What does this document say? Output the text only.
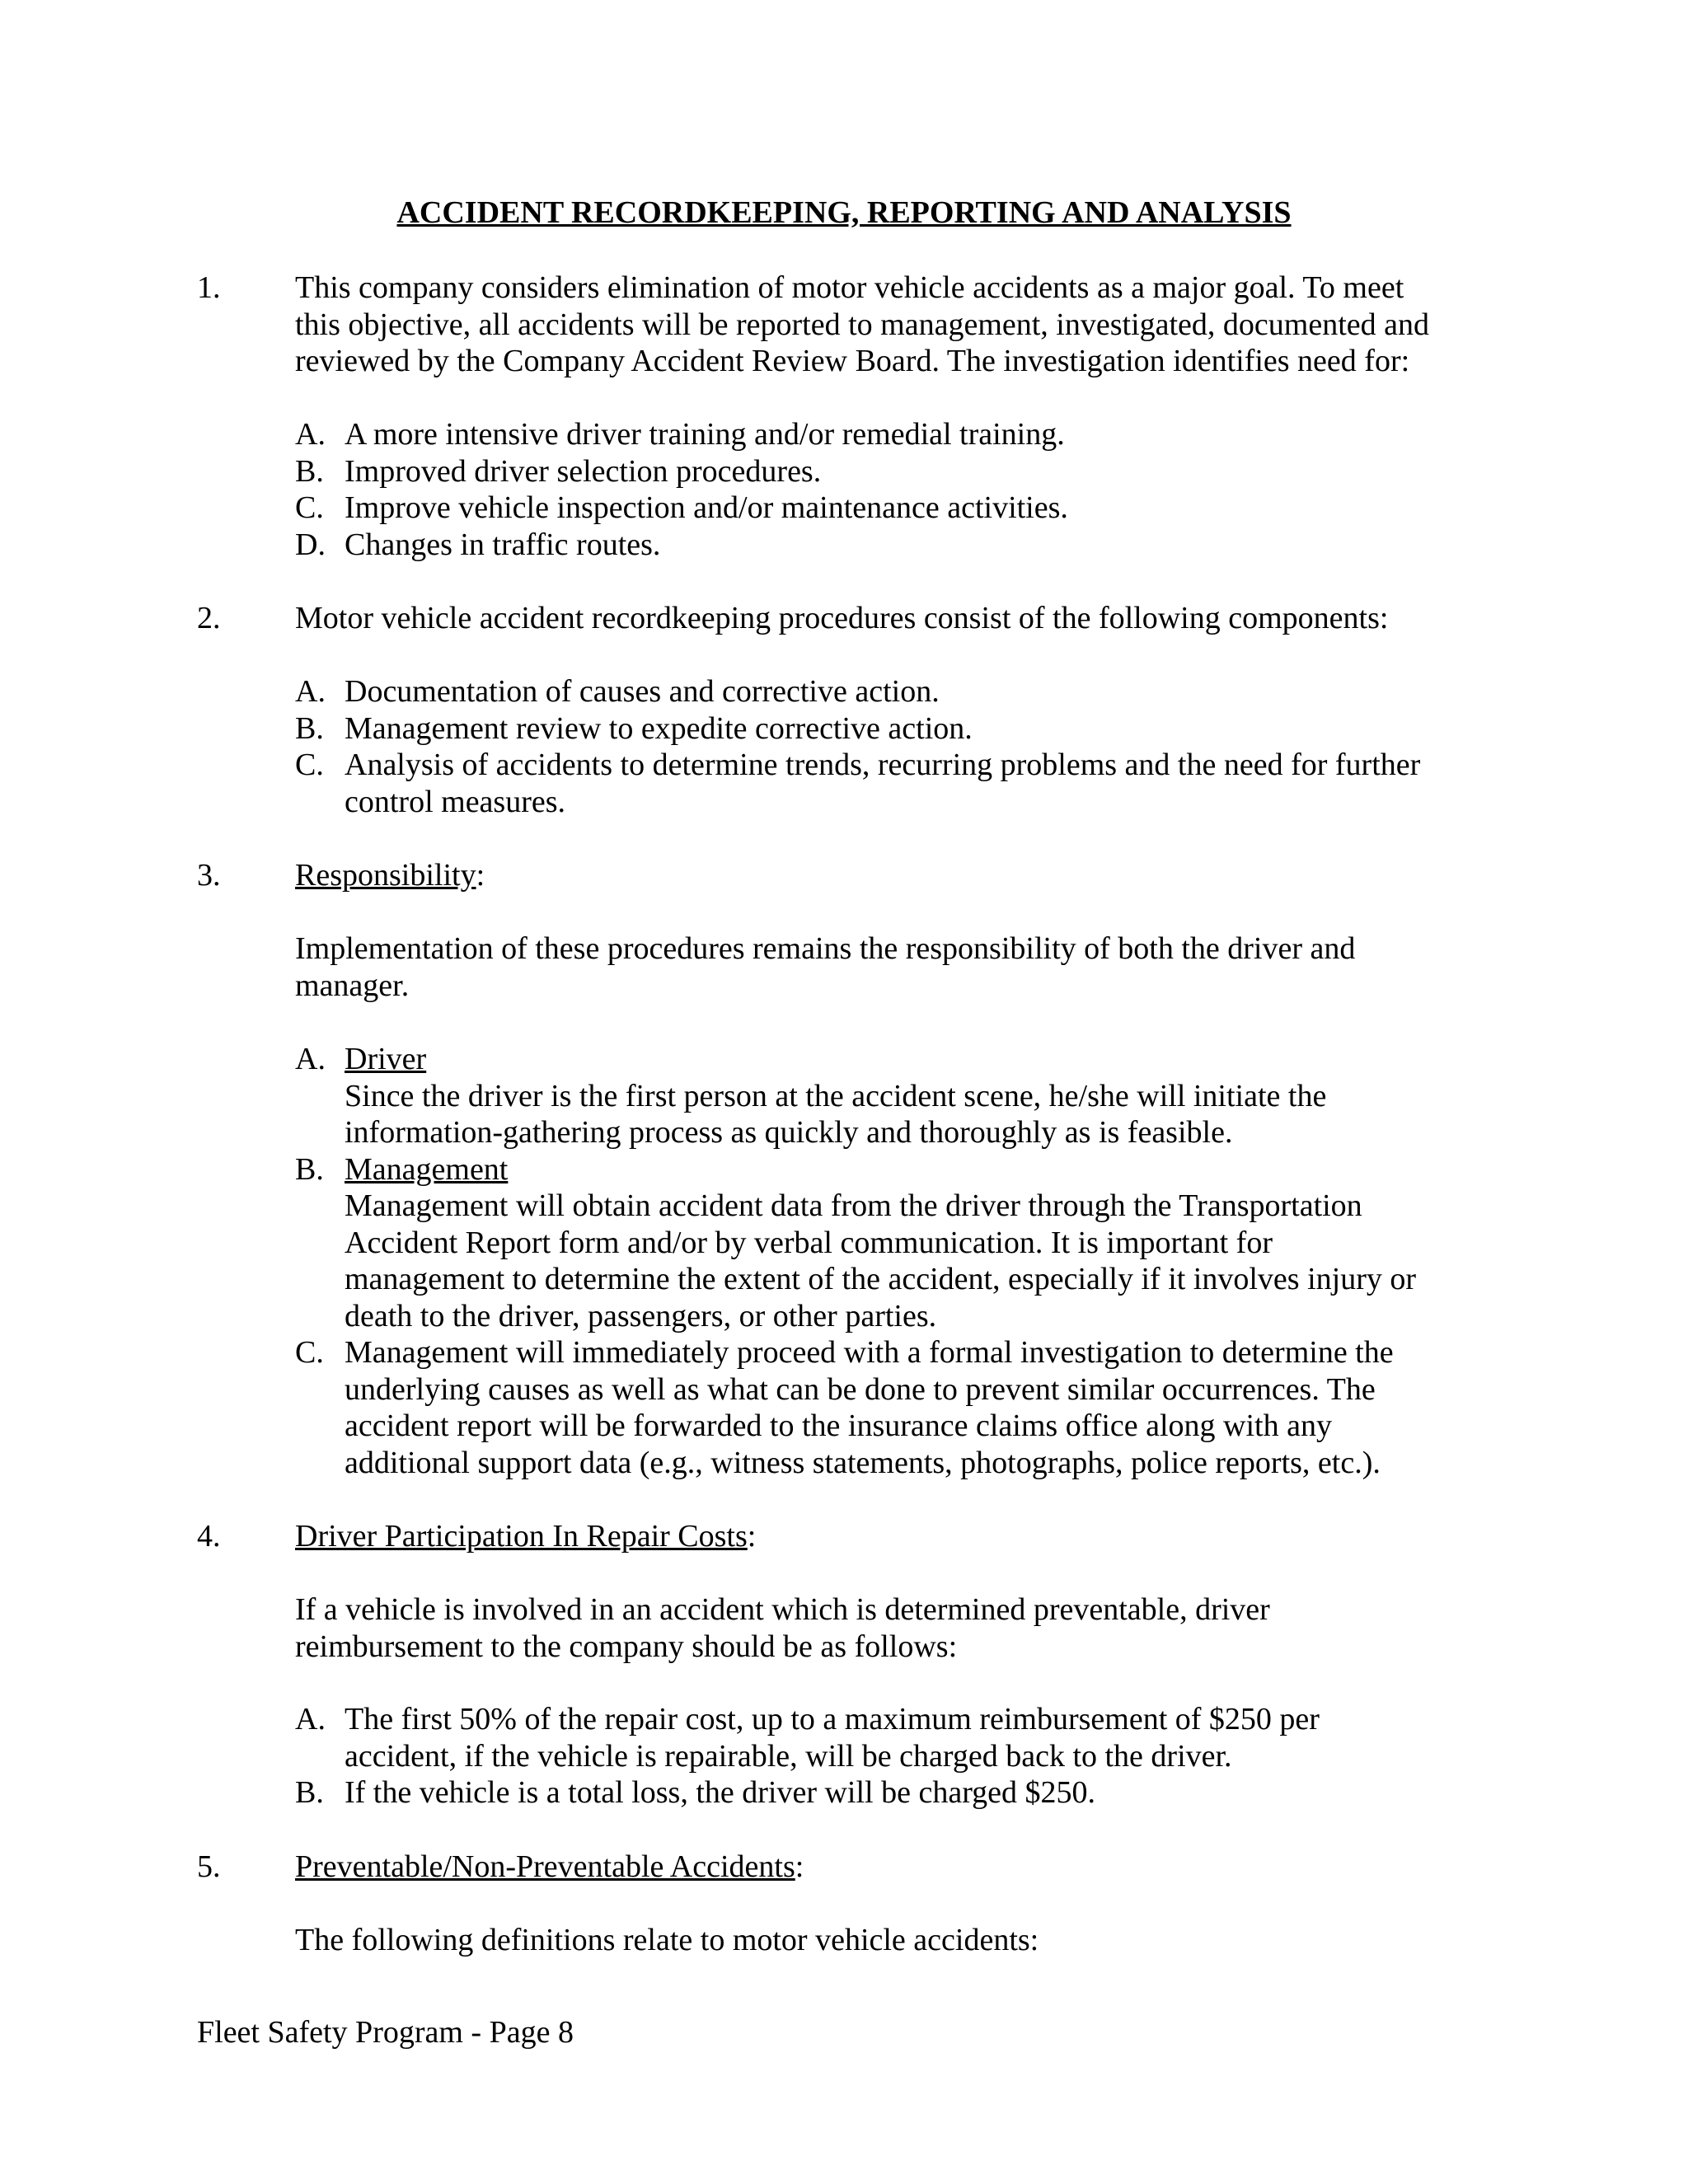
ACCIDENT RECORDKEEPING, REPORTING AND ANALYSIS
1. This company considers elimination of motor vehicle accidents as a major goal. To meet
this objective, all accidents will be reported to management, investigated, documented and
reviewed by the Company Accident Review Board. The investigation identifies need for:
A. A more intensive driver training and/or remedial training.
B. Improved driver selection procedures.
C. Improve vehicle inspection and/or maintenance activities.
D. Changes in traffic routes.
2. Motor vehicle accident recordkeeping procedures consist of the following components:
A. Documentation of causes and corrective action.
B. Management review to expedite corrective action.
C. Analysis of accidents to determine trends, recurring problems and the need for further
control measures.
3. Responsibility:
Implementation of these procedures remains the responsibility of both the driver and
manager.
A. Driver
Since the driver is the first person at the accident scene, he/she will initiate the
information-gathering process as quickly and thoroughly as is feasible.
B. Management
Management will obtain accident data from the driver through the Transportation
Accident Report form and/or by verbal communication. It is important for
management to determine the extent of the accident, especially if it involves injury or
death to the driver, passengers, or other parties.
C. Management will immediately proceed with a formal investigation to determine the
underlying causes as well as what can be done to prevent similar occurrences. The
accident report will be forwarded to the insurance claims office along with any
additional support data (e.g., witness statements, photographs, police reports, etc.).
4. Driver Participation In Repair Costs:
If a vehicle is involved in an accident which is determined preventable, driver
reimbursement to the company should be as follows:
A. The first 50% of the repair cost, up to a maximum reimbursement of $250 per
accident, if the vehicle is repairable, will be charged back to the driver.
B. If the vehicle is a total loss, the driver will be charged $250.
5. Preventable/Non-Preventable Accidents:
The following definitions relate to motor vehicle accidents:
Fleet Safety Program - Page 8
